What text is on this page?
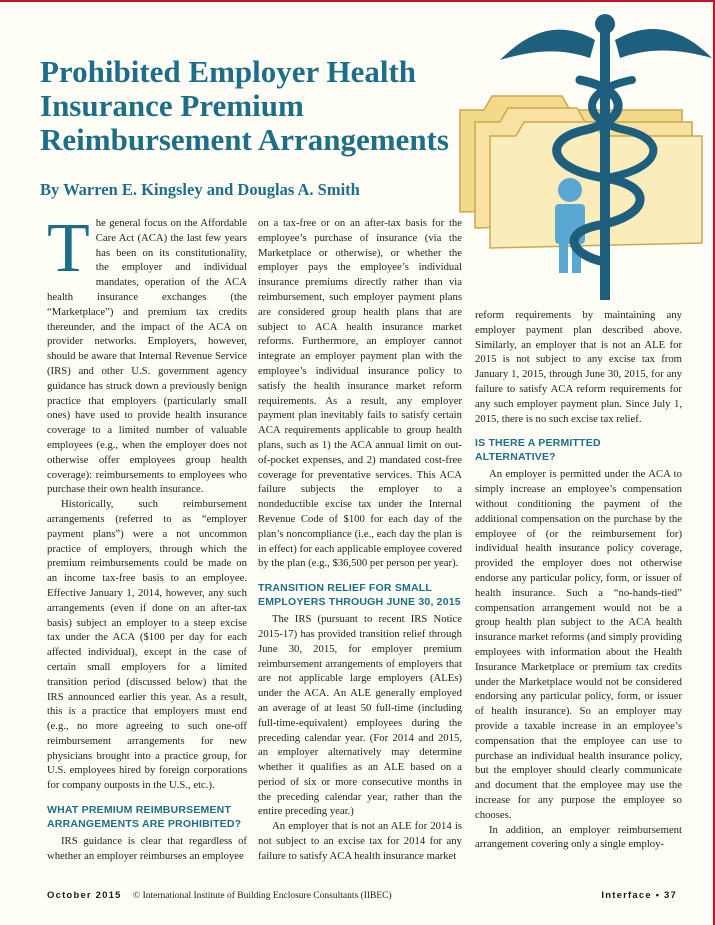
Prohibited Employer Health Insurance Premium Reimbursement Arrangements
By Warren E. Kingsley and Douglas A. Smith

The general focus on the Affordable Care Act (ACA) the last few years has been on its constitutionality, the employer and individual mandates, operation of the ACA health insurance exchanges (the “Marketplace”) and premium tax credits thereunder, and the impact of the ACA on provider networks. Employers, however, should be aware that Internal Revenue Service (IRS) and other U.S. government agency guidance has struck down a previously benign practice that employers (particularly small ones) have used to provide health insurance coverage to a limited number of valuable employees (e.g., when the employer does not otherwise offer employees group health coverage): reimbursements to employees who purchase their own health insurance.

Historically, such reimbursement arrangements (referred to as “employer payment plans”) were a not uncommon practice of employers, through which the premium reimbursements could be made on an income tax-free basis to an employee. Effective January 1, 2014, however, any such arrangements (even if done on an after-tax basis) subject an employer to a steep excise tax under the ACA ($100 per day for each affected individual), except in the case of certain small employers for a limited transition period (discussed below) that the IRS announced earlier this year. As a result, this is a practice that employers must end (e.g., no more agreeing to such one-off reimbursement arrangements for new physicians brought into a practice group, for U.S. employees hired by foreign corporations for company outposts in the U.S., etc.).

WHAT PREMIUM REIMBURSEMENT ARRANGEMENTS ARE PROHIBITED?

IRS guidance is clear that regardless of whether an employer reimburses an employee

on a tax-free or on an after-tax basis for the employee’s purchase of insurance (via the Marketplace or otherwise), or whether the employer pays the employee’s individual insurance premiums directly rather than via reimbursement, such employer payment plans are considered group health plans that are subject to ACA health insurance market reforms. Furthermore, an employer cannot integrate an employer payment plan with the employee’s individual insurance policy to satisfy the health insurance market reform requirements. As a result, any employer payment plan inevitably fails to satisfy certain ACA requirements applicable to group health plans, such as 1) the ACA annual limit on out-of-pocket expenses, and 2) mandated cost-free coverage for preventative services. This ACA failure subjects the employer to a nondeductible excise tax under the Internal Revenue Code of $100 for each day of the plan’s noncompliance (i.e., each day the plan is in effect) for each applicable employee covered by the plan (e.g., $36,500 per person per year).

TRANSITION RELIEF FOR SMALL EMPLOYERS THROUGH JUNE 30, 2015

The IRS (pursuant to recent IRS Notice 2015-17) has provided transition relief through June 30, 2015, for employer premium reimbursement arrangements of employers that are not applicable large employers (ALEs) under the ACA. An ALE generally employed an average of at least 50 full-time (including full-time-equivalent) employees during the preceding calendar year. (For 2014 and 2015, an employer alternatively may determine whether it qualifies as an ALE based on a period of six or more consecutive months in the preceding calendar year, rather than the entire preceding year.)

An employer that is not an ALE for 2014 is not subject to an excise tax for 2014 for any failure to satisfy ACA health insurance market

reform requirements by maintaining any employer payment plan described above. Similarly, an employer that is not an ALE for 2015 is not subject to any excise tax from January 1, 2015, through June 30, 2015, for any failure to satisfy ACA reform requirements for any such employer payment plan. Since July 1, 2015, there is no such excise tax relief.

IS THERE A PERMITTED ALTERNATIVE?

An employer is permitted under the ACA to simply increase an employee’s compensation without conditioning the payment of the additional compensation on the purchase by the employee of (or the reimbursement for) individual health insurance policy coverage, provided the employer does not otherwise endorse any particular policy, form, or issuer of health insurance. Such a “no-hands-tied” compensation arrangement would not be a group health plan subject to the ACA health insurance market reforms (and simply providing employees with information about the Health Insurance Marketplace or premium tax credits under the Marketplace would not be considered endorsing any particular policy, form, or issuer of health insurance). So an employer may provide a taxable increase in an employee’s compensation that the employee can use to purchase an individual health insurance policy, but the employer should clearly communicate and document that the employee may use the increase for any purpose the employee so chooses.

In addition, an employer reimbursement arrangement covering only a single employ-

October 2015 © International Institute of Building Enclosure Consultants (IIBEC)	Interface • 37
